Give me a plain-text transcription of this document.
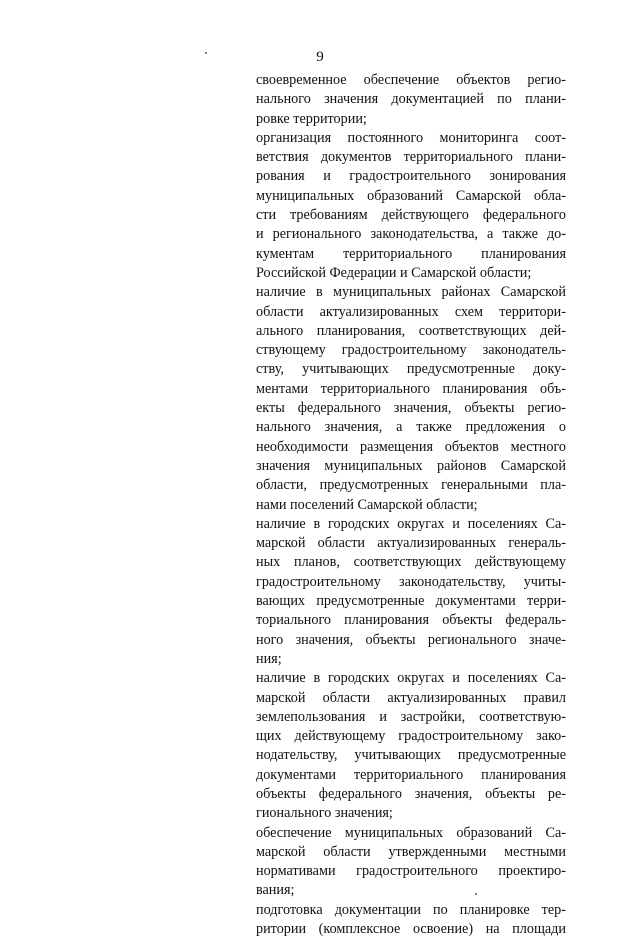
9
своевременное обеспечение объектов регио-
нального значения документацией по плани-
ровке территории;
организация постоянного мониторинга соот-
ветствия документов территориального плани-
рования и градостроительного зонирования
муниципальных образований Самарской обла-
сти требованиям действующего федерального
и регионального законодательства, а также до-
кументам территориального планирования
Российской Федерации и Самарской области;
наличие в муниципальных районах Самарской
области актуализированных схем территори-
ального планирования, соответствующих дей-
ствующему градостроительному законодатель-
ству, учитывающих предусмотренные доку-
ментами территориального планирования объ-
екты федерального значения, объекты регио-
нального значения, а также предложения о
необходимости размещения объектов местного
значения муниципальных районов Самарской
области, предусмотренных генеральными пла-
нами поселений Самарской области;
наличие в городских округах и поселениях Са-
марской области актуализированных генераль-
ных планов, соответствующих действующему
градостроительному законодательству, учиты-
вающих предусмотренные документами терри-
ториального планирования объекты федераль-
ного значения, объекты регионального значе-
ния;
наличие в городских округах и поселениях Са-
марской области актуализированных правил
землепользования и застройки, соответствую-
щих действующему градостроительному зако-
нодательству, учитывающих предусмотренные
документами территориального планирования
объекты федерального значения, объекты ре-
гионального значения;
обеспечение муниципальных образований Са-
марской области утвержденными местными
нормативами градостроительного проектиро-
вания;
подготовка документации по планировке тер-
ритории (комплексное освоение) на площади
